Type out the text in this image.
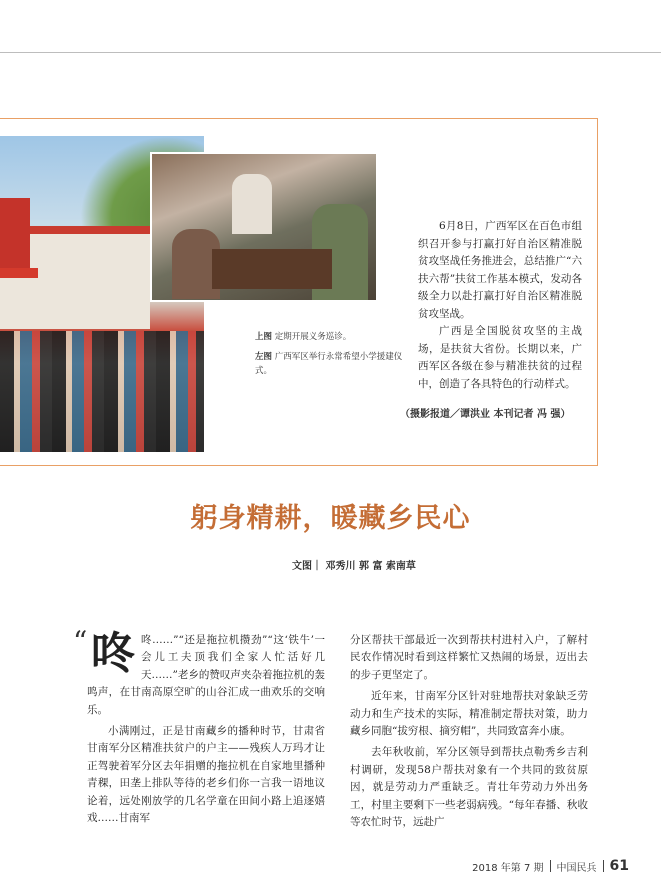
上图 定期开展义务巡诊。
左图 广西军区举行永常希望小学援建仪式。

6月8日，广西军区在百色市组织召开参与打赢打好自治区精准脱贫攻坚战任务推进会，总结推广“六扶六帮”扶贫工作基本模式，发动各级全力以赴打赢打好自治区精准脱贫攻坚战。

广西是全国脱贫攻坚的主战场，是扶贫大省份。长期以来，广西军区各级在参与精准扶贫的过程中，创造了各具特色的行动样式。

（摄影报道／谭洪业 本刊记者 冯 强）
躬身精耕，暖藏乡民心
文图｜ 邓秀川 郭 富 索南草
“ 咚 咚……”“还是拖拉机攒劲”“这‘铁牛’一会儿工夫顶我们全家人忙活好几天……”老乡的赞叹声夹杂着拖拉机的轰鸣声，在甘南高原空旷的山谷汇成一曲欢乐的交响乐。

小满刚过，正是甘南藏乡的播种时节，甘肃省甘南军分区精准扶贫户的户主——残疾人万玛才让正驾驶着军分区去年捐赠的拖拉机在自家地里播种青稞，田垄上排队等待的老乡们你一言我一语地议论着，远处刚放学的几名学童在田间小路上追逐嬉戏……甘南军

分区帮扶干部最近一次到帮扶村进村入户，了解村民农作情况时看到这样繁忙又热闹的场景，迈出去的步子更坚定了。

近年来，甘南军分区针对驻地帮扶对象缺乏劳动力和生产技术的实际，精准制定帮扶对策，助力藏乡同胞“拔穷根、摘穷帽”，共同致富奔小康。

去年秋收前，军分区领导到帮扶点勒秀乡吉利村调研，发现58户帮扶对象有一个共同的致贫原因，就是劳动力严重缺乏。青壮年劳动力外出务工，村里主要剩下一些老弱病残。“每年春播、秋收等农忙时节，远赴广

2018 年第 7 期 中国民兵 61
